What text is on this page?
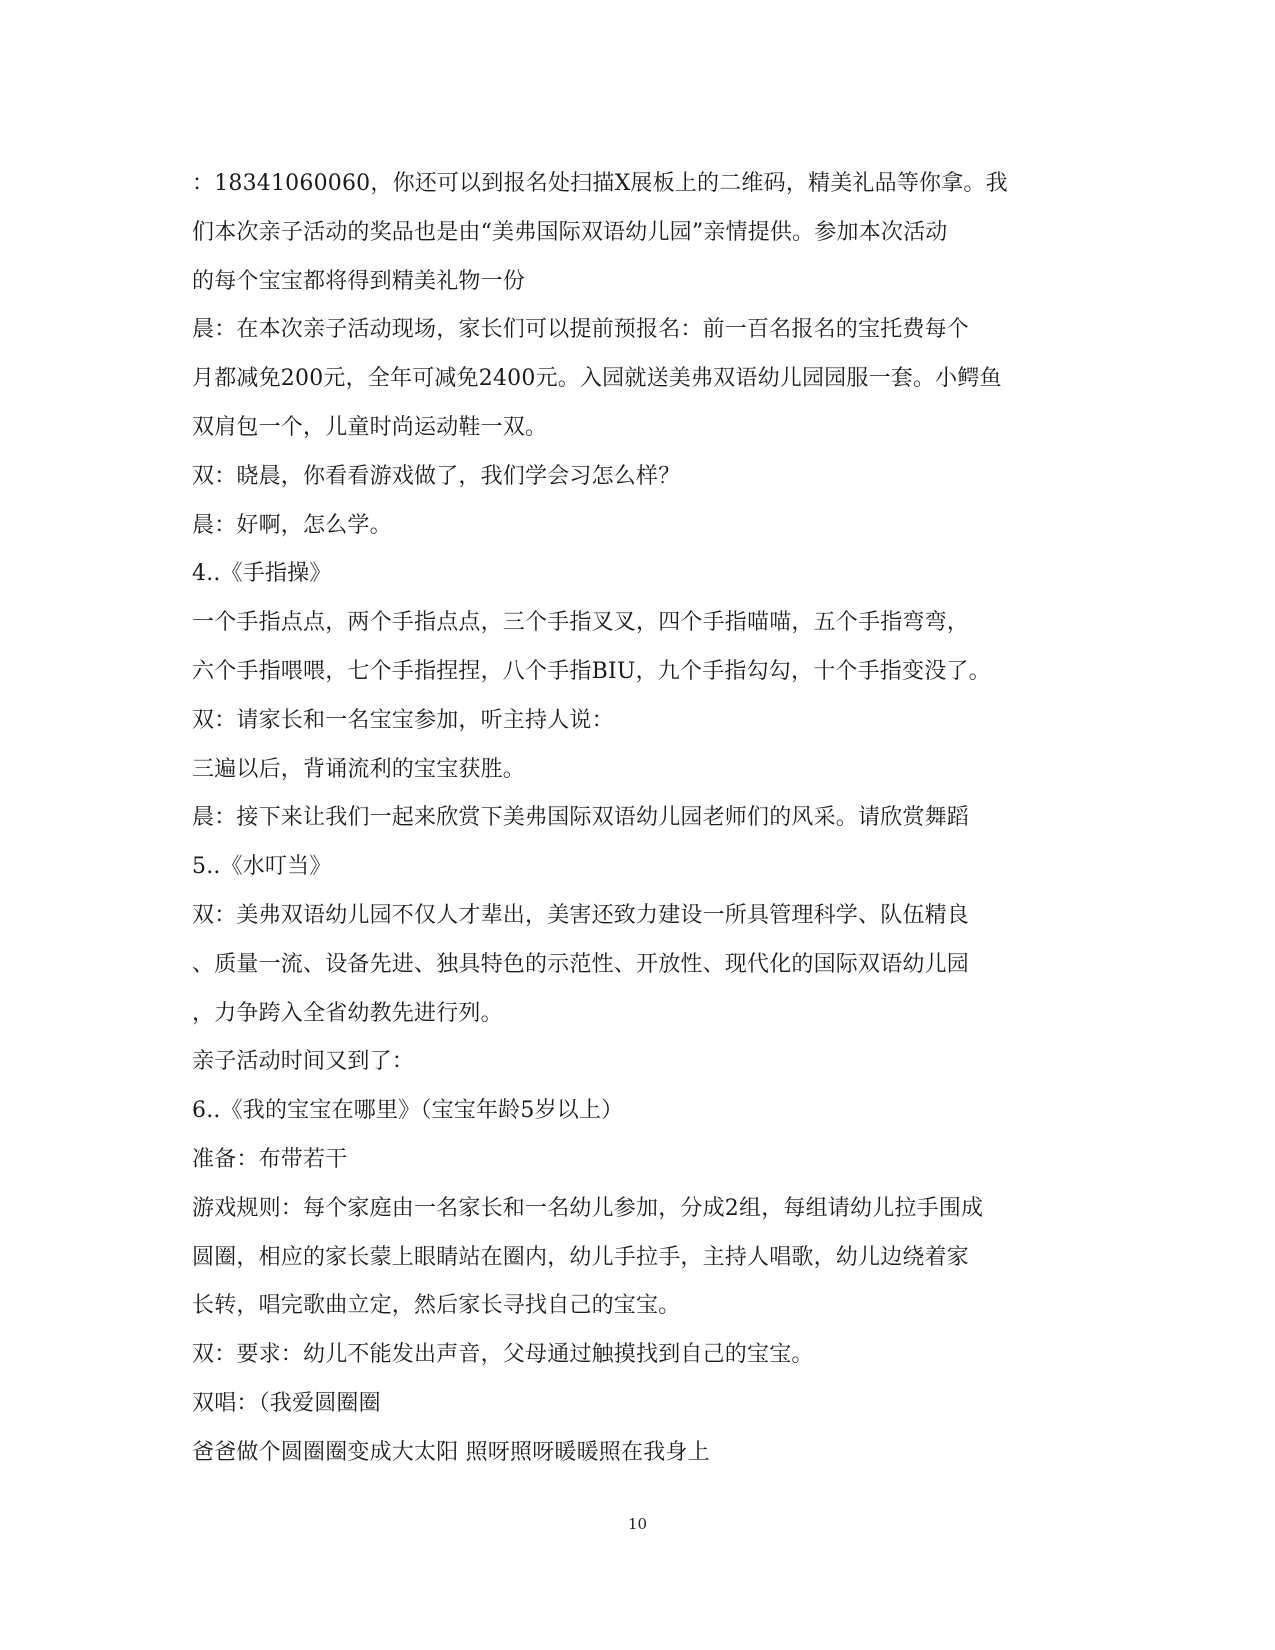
：18341060060，你还可以到报名处扫描X展板上的二维码，精美礼品等你拿。我
们本次亲子活动的奖品也是由“美弗国际双语幼儿园”亲情提供。参加本次活动
的每个宝宝都将得到精美礼物一份
晨：在本次亲子活动现场，家长们可以提前预报名：前一百名报名的宝托费每个
月都减免200元，全年可减免2400元。入园就送美弗双语幼儿园园服一套。小鳄鱼
双肩包一个，儿童时尚运动鞋一双。
双：晓晨，你看看游戏做了，我们学会习怎么样？
晨：好啊，怎么学。
4..《手指操》
一个手指点点，两个手指点点，三个手指叉叉，四个手指喵喵，五个手指弯弯，
六个手指喂喂，七个手指捏捏，八个手指BIU，九个手指勾勾，十个手指变没了。
双：请家长和一名宝宝参加，听主持人说：
三遍以后，背诵流利的宝宝获胜。
晨：接下来让我们一起来欣赏下美弗国际双语幼儿园老师们的风采。请欣赏舞蹈
5..《水叮当》
双：美弗双语幼儿园不仅人才辈出，美害还致力建设一所具管理科学、队伍精良
、质量一流、设备先进、独具特色的示范性、开放性、现代化的国际双语幼儿园
，力争跨入全省幼教先进行列。
亲子活动时间又到了：
6..《我的宝宝在哪里》（宝宝年龄5岁以上）
准备：布带若干
游戏规则：每个家庭由一名家长和一名幼儿参加，分成2组，每组请幼儿拉手围成
圆圈，相应的家长蒙上眼睛站在圈内，幼儿手拉手，主持人唱歌，幼儿边绕着家
长转，唱完歌曲立定，然后家长寻找自己的宝宝。
双：要求：幼儿不能发出声音，父母通过触摸找到自己的宝宝。
双唱：（我爱圆圈圈
爸爸做个圆圈圈变成大太阳 照呀照呀暖暖照在我身上
10
